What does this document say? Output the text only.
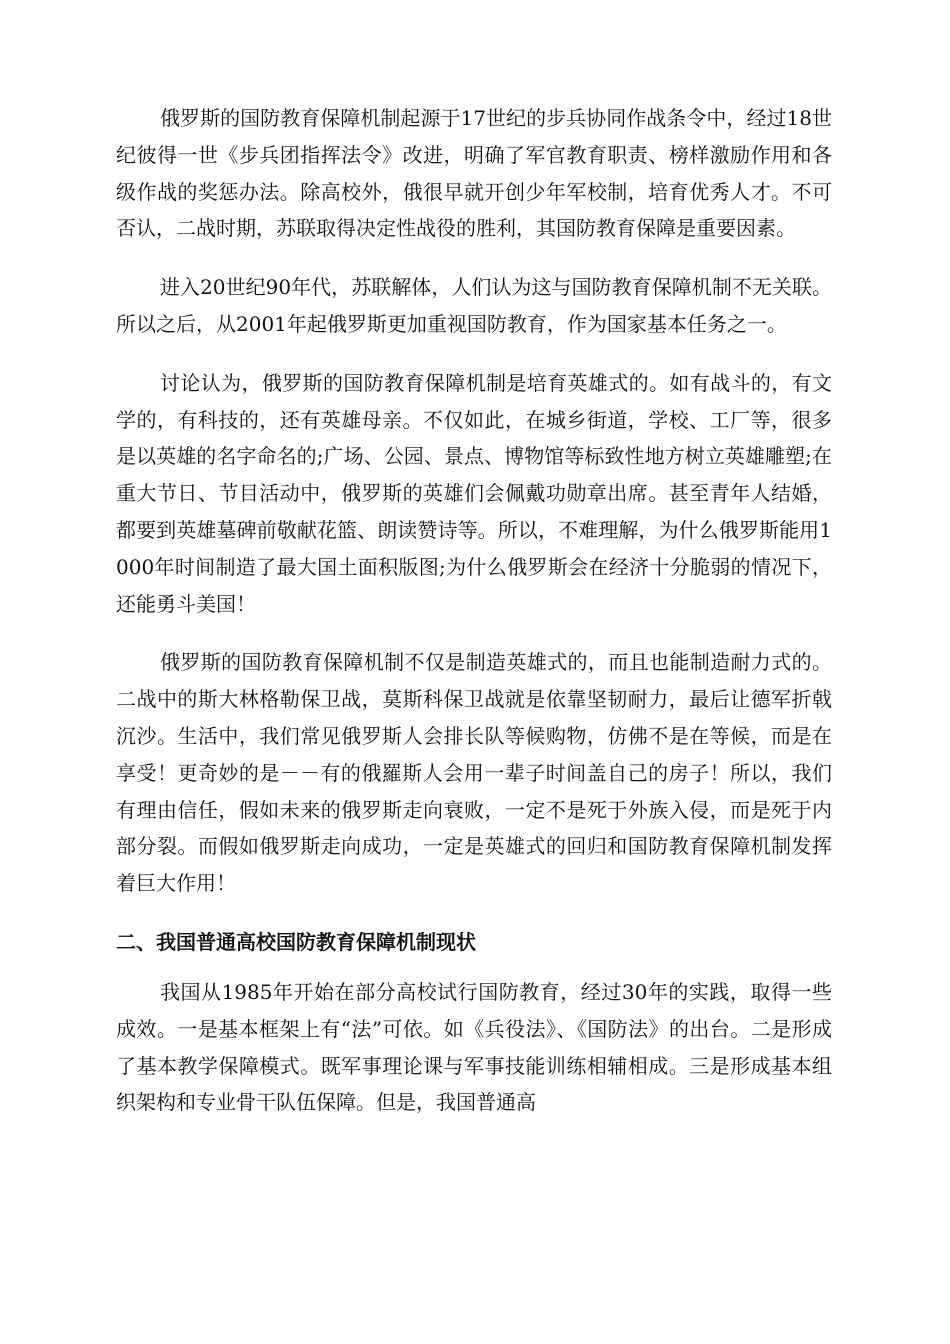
俄罗斯的国防教育保障机制起源于17世纪的步兵协同作战条令中，经过18世纪彼得一世《步兵团指挥法令》改进，明确了军官教育职责、榜样激励作用和各级作战的奖惩办法。除高校外，俄很早就开创少年军校制，培育优秀人才。不可否认，二战时期，苏联取得决定性战役的胜利，其国防教育保障是重要因素。

进入20世纪90年代，苏联解体，人们认为这与国防教育保障机制不无关联。所以之后，从2001年起俄罗斯更加重视国防教育，作为国家基本任务之一。

讨论认为，俄罗斯的国防教育保障机制是培育英雄式的。如有战斗的，有文学的，有科技的，还有英雄母亲。不仅如此，在城乡街道，学校、工厂等，很多是以英雄的名字命名的;广场、公园、景点、博物馆等标致性地方树立英雄雕塑;在重大节日、节目活动中，俄罗斯的英雄们会佩戴功勋章出席。甚至青年人结婚，都要到英雄墓碑前敬献花篮、朗读赞诗等。所以，不难理解，为什么俄罗斯能用1000年时间制造了最大国土面积版图;为什么俄罗斯会在经济十分脆弱的情况下，还能勇斗美国！

俄罗斯的国防教育保障机制不仅是制造英雄式的，而且也能制造耐力式的。二战中的斯大林格勒保卫战，莫斯科保卫战就是依靠坚韧耐力，最后让德军折戟沉沙。生活中，我们常见俄罗斯人会排长队等候购物，仿佛不是在等候，而是在享受！更奇妙的是－－有的俄羅斯人会用一辈子时间盖自己的房子！所以，我们有理由信任，假如未来的俄罗斯走向衰败，一定不是死于外族入侵，而是死于内部分裂。而假如俄罗斯走向成功，一定是英雄式的回归和国防教育保障机制发挥着巨大作用！

二、我国普通高校国防教育保障机制现状

我国从1985年开始在部分高校试行国防教育，经过30年的实践，取得一些成效。一是基本框架上有“法”可依。如《兵役法》、《国防法》的出台。二是形成了基本教学保障模式。既军事理论课与军事技能训练相辅相成。三是形成基本组织架构和专业骨干队伍保障。但是，我国普通高
